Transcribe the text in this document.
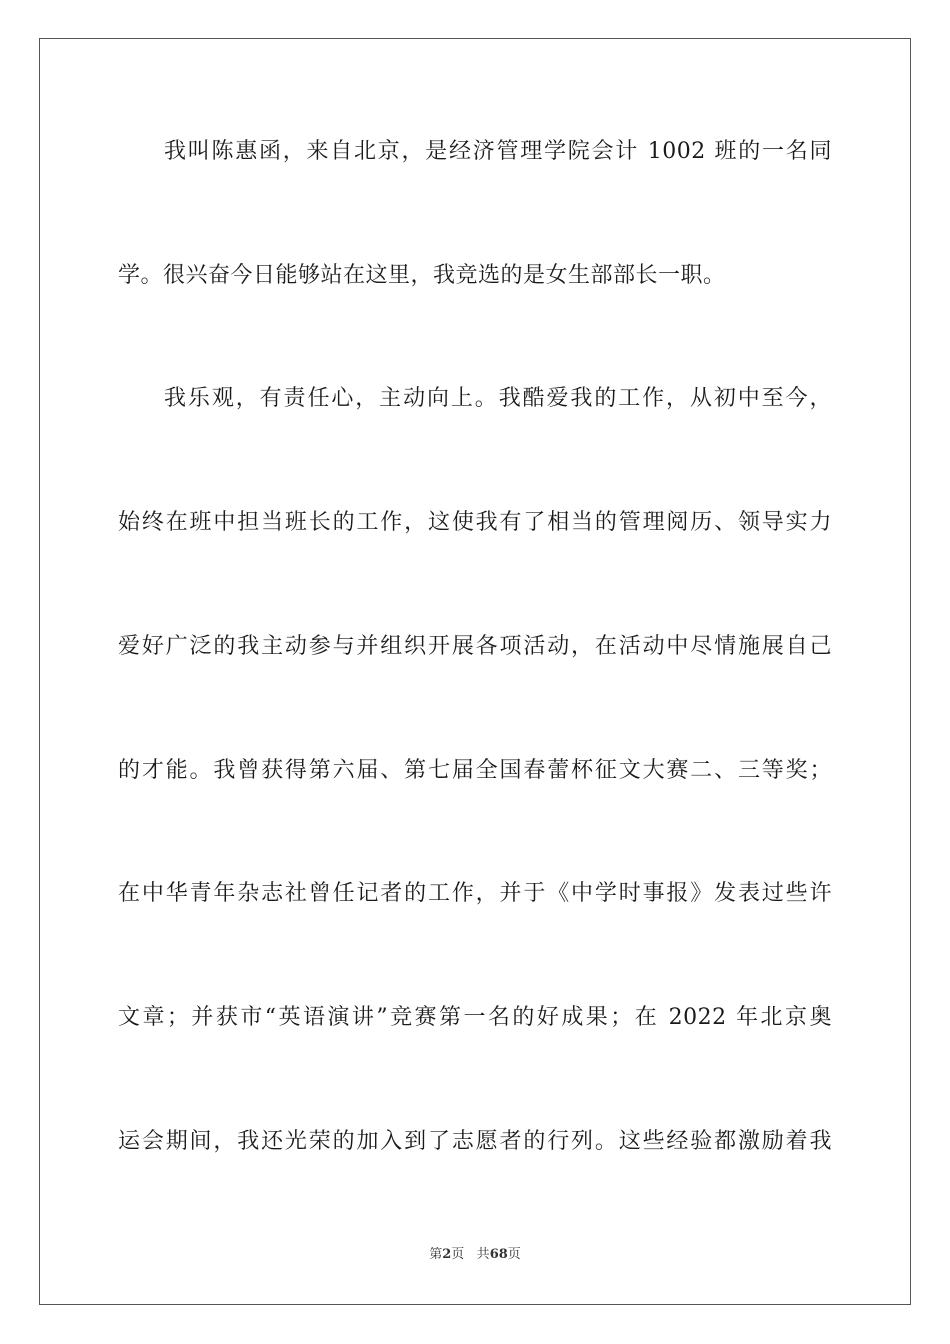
我叫陈惠函，来自北京，是经济管理学院会计 1002 班的一名同
学。很兴奋今日能够站在这里，我竞选的是女生部部长一职。
我乐观，有责任心，主动向上。我酷爱我的工作，从初中至今，
始终在班中担当班长的工作，这使我有了相当的管理阅历、领导实力
爱好广泛的我主动参与并组织开展各项活动，在活动中尽情施展自己
的才能。我曾获得第六届、第七届全国春蕾杯征文大赛二、三等奖；
在中华青年杂志社曾任记者的工作，并于《中学时事报》发表过些许
文章；并获市“英语演讲”竞赛第一名的好成果；在 2022 年北京奥
运会期间，我还光荣的加入到了志愿者的行列。这些经验都激励着我
第2页 共68页
